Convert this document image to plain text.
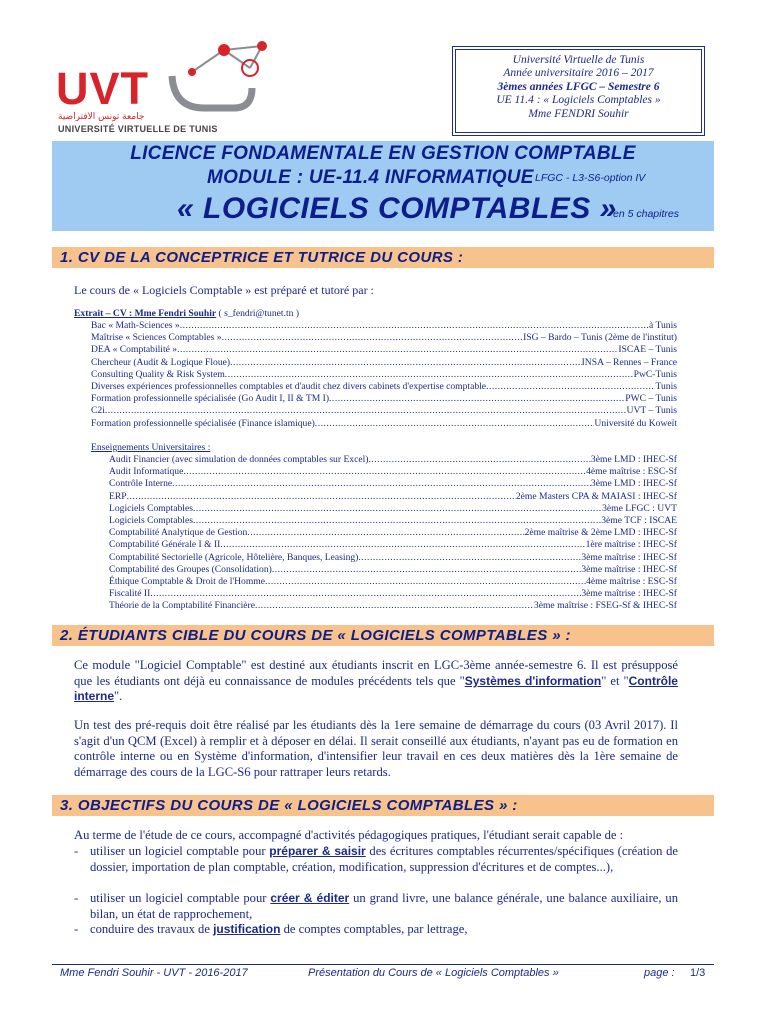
UVT
جامعة تونس الافتراضية
UNIVERSITÉ VIRTUELLE DE TUNIS
Université Virtuelle de Tunis
Année universitaire 2016 – 2017
3èmes années LFGC – Semestre 6
UE 11.4 : « Logiciels Comptables »
Mme FENDRI Souhir
LICENCE FONDAMENTALE EN GESTION COMPTABLE
MODULE : UE-11.4 INFORMATIQUE LFGC - L3-S6-option IV
« LOGICIELS COMPTABLES »
en 5 chapitres
1. CV DE LA CONCEPTRICE ET TUTRICE DU COURS :
Le cours de « Logiciels Comptable » est préparé et tutoré par :
Extrait – CV : Mme Fendri Souhir ( s_fendri@tunet.tn )
Bac « Math-Sciences » .....	à Tunis
Maîtrise « Sciences Comptables » .....	ISG – Bardo – Tunis (2ème de l'institut)
DEA « Comptabilité » .....	ISCAE – Tunis
Chercheur (Audit & Logique Floue) .....	INSA – Rennes – France
Consulting Quality & Risk System .....	PwC-Tunis
Diverses expériences professionnelles comptables et d'audit chez divers cabinets d'expertise comptable .....	Tunis
Formation professionnelle spécialisée (Go Audit I, II & TM I) .....	PWC – Tunis
C2i .....	UVT – Tunis
Formation professionnelle spécialisée (Finance islamique) .....	Université du Koweït
Enseignements Universitaires :
Audit Financier (avec simulation de données comptables sur Excel) .....	3ème LMD : IHEC-Sf
Audit Informatique .....	4ème maîtrise : ESC-Sf
Contrôle Interne .....	3ème LMD : IHEC-Sf
ERP .....	2ème Masters CPA & MAIASI : IHEC-Sf
Logiciels Comptables .....	3ème LFGC : UVT
Logiciels Comptables .....	3ème TCF : ISCAE
Comptabilité Analytique de Gestion .....	2ème maîtrise & 2ème LMD : IHEC-Sf
Comptabilité Générale I & II .....	1ère maîtrise : IHEC-Sf
Comptabilité Sectorielle (Agricole, Hôtelière, Banques, Leasing) .....	3ème maîtrise : IHEC-Sf
Comptabilité des Groupes (Consolidation) .....	3ème maîtrise : IHEC-Sf
Éthique Comptable & Droit de l'Homme .....	4ème maîtrise : ESC-Sf
Fiscalité II .....	3ème maîtrise : IHEC-Sf
Théorie de la Comptabilité Financière .....	3ème maîtrise : FSEG-Sf & IHEC-Sf
2. ÉTUDIANTS CIBLE DU COURS DE « LOGICIELS COMPTABLES » :
Ce module "Logiciel Comptable" est destiné aux étudiants inscrit en LGC-3ème année-semestre 6. Il est présupposé que les étudiants ont déjà eu connaissance de modules précédents tels que "Systèmes d'information" et "Contrôle interne".
Un test des pré-requis doit être réalisé par les étudiants dès la 1ere semaine de démarrage du cours (03 Avril 2017). Il s'agit d'un QCM (Excel) à remplir et à déposer en délai. Il serait conseillé aux étudiants, n'ayant pas eu de formation en contrôle interne ou en Système d'information, d'intensifier leur travail en ces deux matières dès la 1ère semaine de démarrage des cours de la LGC-S6 pour rattraper leurs retards.
3. OBJECTIFS DU COURS DE « LOGICIELS COMPTABLES » :
Au terme de l'étude de ce cours, accompagné d'activités pédagogiques pratiques, l'étudiant serait capable de :
- utiliser un logiciel comptable pour préparer & saisir des écritures comptables récurrentes/spécifiques (création de dossier, importation de plan comptable, création, modification, suppression d'écritures et de comptes...),
- utiliser un logiciel comptable pour créer & éditer un grand livre, une balance générale, une balance auxiliaire, un bilan, un état de rapprochement,
- conduire des travaux de justification de comptes comptables, par lettrage,
Mme Fendri Souhir - UVT - 2016-2017	Présentation du Cours de « Logiciels Comptables »	page : 1/3
